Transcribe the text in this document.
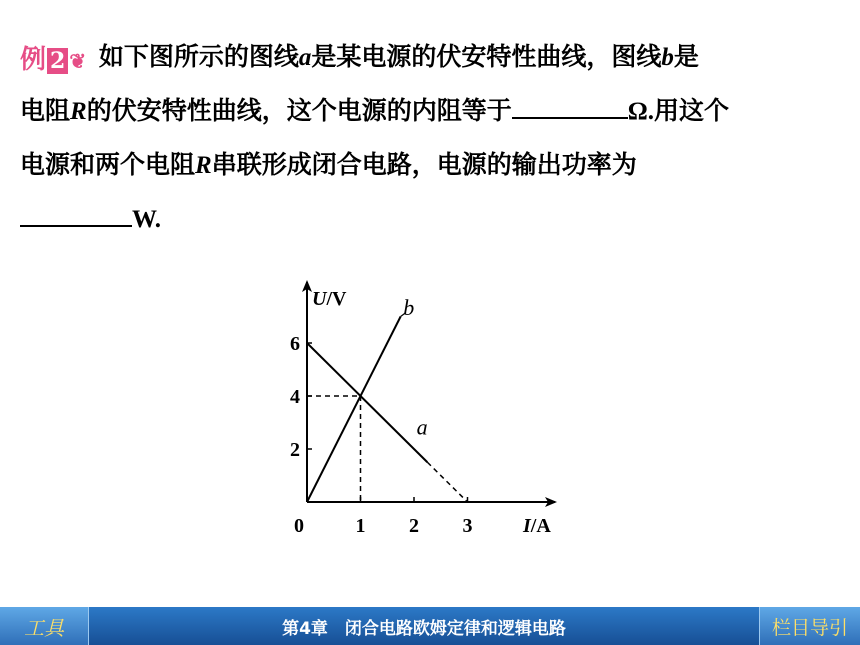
例 2 ❦ 如下图所示的图线a是某电源的伏安特性曲线，图线b是
电阻R的伏安特性曲线，这个电源的内阻等于	Ω.用这个
电源和两个电阻R串联形成闭合电路，电源的输出功率为
W.
U/V
I/A
0	1 2 3
2
4
6
a
b
工具	第4章　闭合电路欧姆定律和逻辑电路	栏目导引
